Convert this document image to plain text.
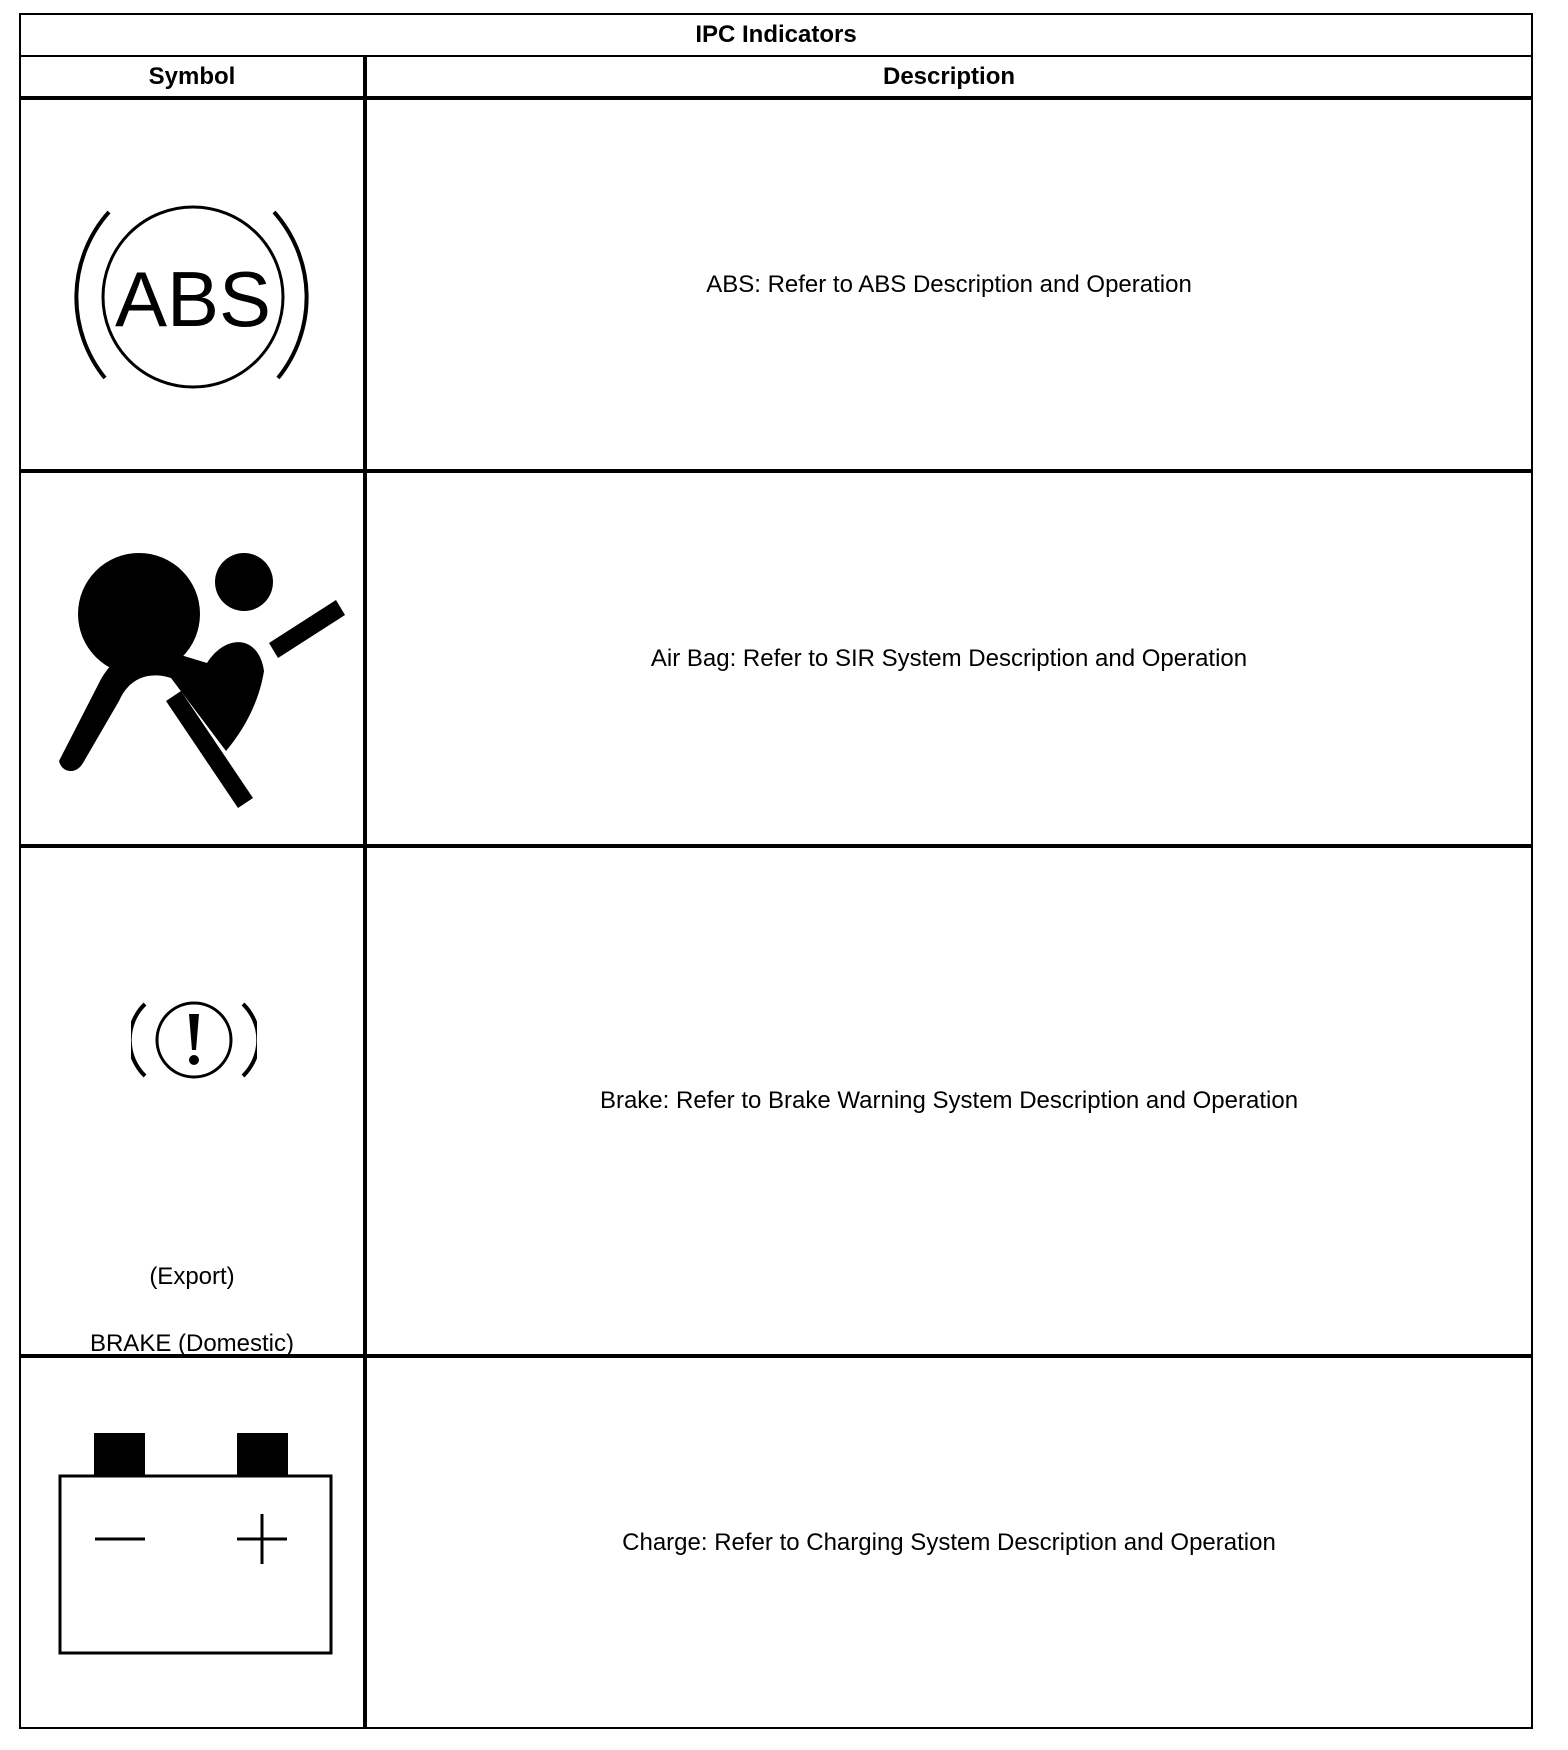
IPC Indicators	
Symbol	Description

ABS	ABS: Refer to ABS Description and Operation

	Air Bag: Refer to SIR System Description and Operation

(Export)
BRAKE (Domestic)	Brake: Refer to Brake Warning System Description and Operation

	Charge: Refer to Charging System Description and Operation
